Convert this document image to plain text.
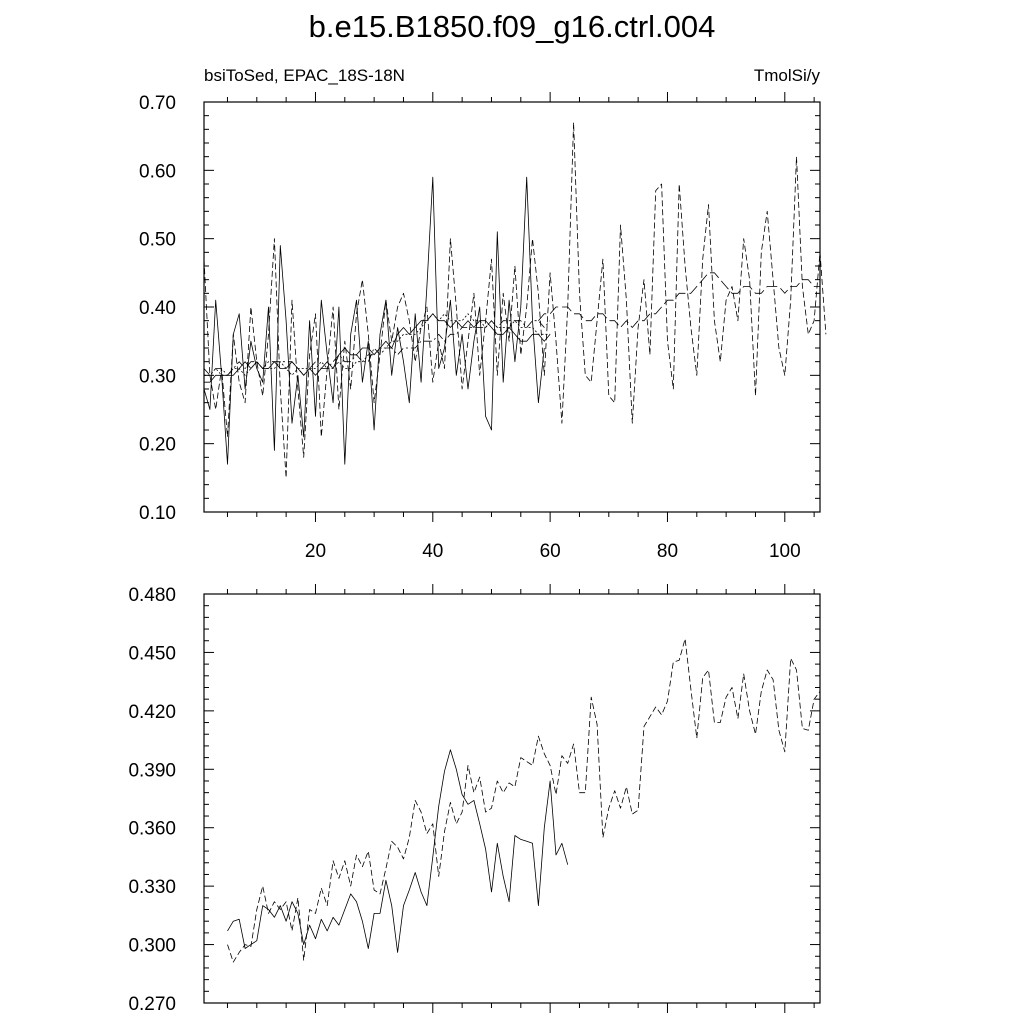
b.e15.B1850.f09_g16.ctrl.004
bsiToSed, EPAC_18S-18N	TmolSi/y
0.10
0.20
0.30
0.40
0.50
0.60
0.70
20	40	60	80	100
0.270
0.300
0.330
0.360
0.390
0.420
0.450
0.480
